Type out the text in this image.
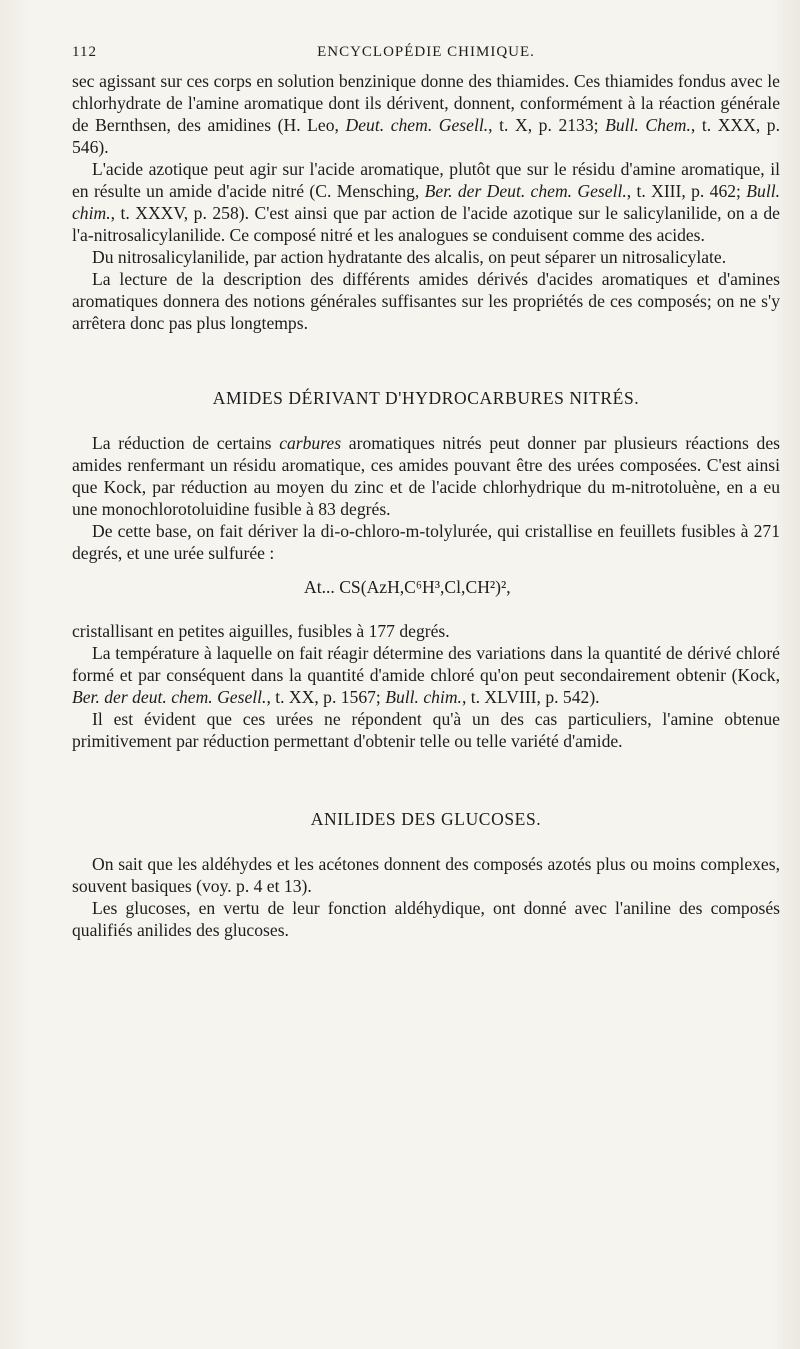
112	ENCYCLOPÉDIE CHIMIQUE.

sec agissant sur ces corps en solution benzinique donne des thiamides. Ces thiamides fondus avec le chlorhydrate de l'amine aromatique dont ils dérivent, donnent, conformément à la réaction générale de Bernthsen, des amidines (H. Leo, Deut. chem. Gesell., t. X, p. 2133; Bull. Chem., t. XXX, p. 546).

L'acide azotique peut agir sur l'acide aromatique, plutôt que sur le résidu d'amine aromatique, il en résulte un amide d'acide nitré (C. Mensching, Ber. der Deut. chem. Gesell., t. XIII, p. 462; Bull. chim., t. XXXV, p. 258). C'est ainsi que par action de l'acide azotique sur le salicylanilide, on a de l'a-nitrosalicylanilide. Ce composé nitré et les analogues se conduisent comme des acides.

Du nitrosalicylanilide, par action hydratante des alcalis, on peut séparer un nitrosalicylate.

La lecture de la description des différents amides dérivés d'acides aromatiques et d'amines aromatiques donnera des notions générales suffisantes sur les propriétés de ces composés; on ne s'y arrêtera donc pas plus longtemps.

AMIDES DÉRIVANT D'HYDROCARBURES NITRÉS.

La réduction de certains carbures aromatiques nitrés peut donner par plusieurs réactions des amides renfermant un résidu aromatique, ces amides pouvant être des urées composées. C'est ainsi que Kock, par réduction au moyen du zinc et de l'acide chlorhydrique du m-nitrotoluène, en a eu une monochlorotoluidine fusible à 83 degrés.

De cette base, on fait dériver la di-o-chloro-m-tolylurée, qui cristallise en feuillets fusibles à 271 degrés, et une urée sulfurée :

At... CS(AzH,C⁶H³,Cl,CH²)²,

cristallisant en petites aiguilles, fusibles à 177 degrés.

La température à laquelle on fait réagir détermine des variations dans la quantité de dérivé chloré formé et par conséquent dans la quantité d'amide chloré qu'on peut secondairement obtenir (Kock, Ber. der deut. chem. Gesell., t. XX, p. 1567; Bull. chim., t. XLVIII, p. 542).

Il est évident que ces urées ne répondent qu'à un des cas particuliers, l'amine obtenue primitivement par réduction permettant d'obtenir telle ou telle variété d'amide.

ANILIDES DES GLUCOSES.

On sait que les aldéhydes et les acétones donnent des composés azotés plus ou moins complexes, souvent basiques (voy. p. 4 et 13).

Les glucoses, en vertu de leur fonction aldéhydique, ont donné avec l'aniline des composés qualifiés anilides des glucoses.
